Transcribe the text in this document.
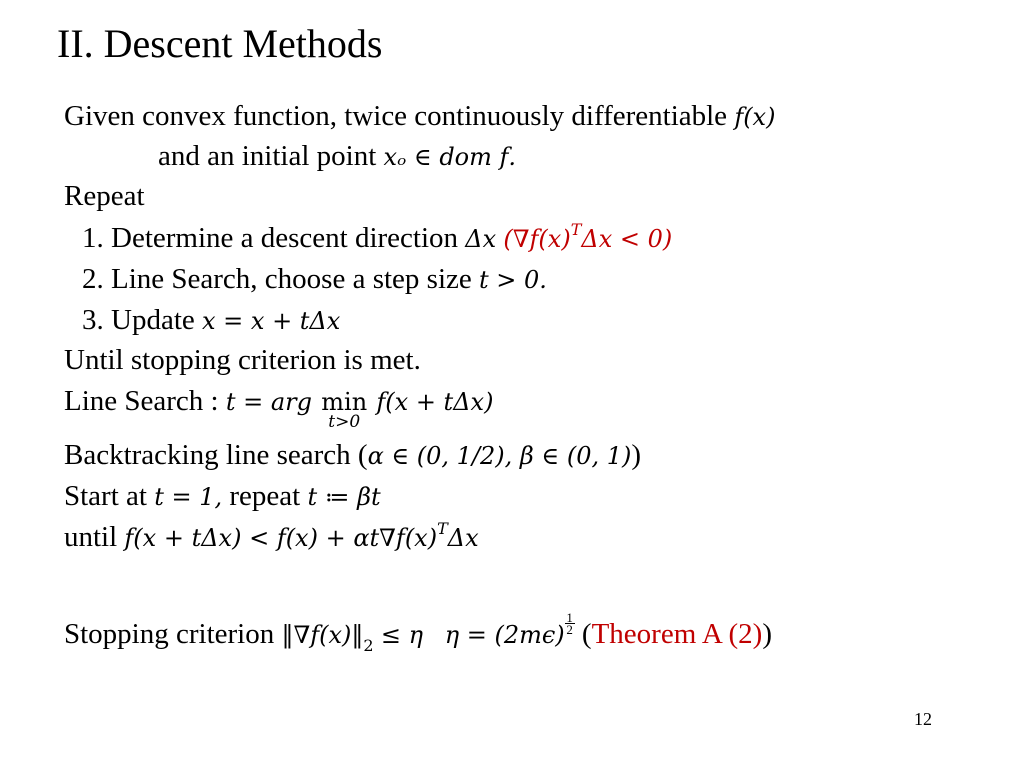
II. Descent Methods
Given convex function, twice continuously differentiable 𝑓(𝑥)
and an initial point 𝑥ₒ ∈ 𝑑𝑜𝑚 𝑓.
Repeat
1. Determine a descent direction Δ𝑥 (∇𝑓(𝑥)$^T$Δ𝑥 < 0)
2. Line Search, choose a step size 𝑡 > 0.
3. Update 𝑥 = 𝑥 + 𝑡Δ𝑥
Until stopping criterion is met.
Line Search : 𝑡 = 𝑎𝑟𝑔 min
𝑡>0
𝑓(𝑥 + 𝑡Δ𝑥)
Backtracking line search (𝛼 ∈ (0, 1/2), 𝛽 ∈ (0, 1))
Start at 𝑡 = 1, repeat 𝑡 ≔ 𝛽𝑡
until 𝑓(𝑥 + 𝑡Δ𝑥) < 𝑓(𝑥) + 𝛼𝑡∇𝑓(𝑥)$^T$Δ𝑥
Stopping criterion $‖\nabla 𝑓(𝑥)‖_2$ ≤ 𝜂 𝜂 = $(2𝑚𝜖)\frac{1}{2}$ (Theorem A (2))
12
